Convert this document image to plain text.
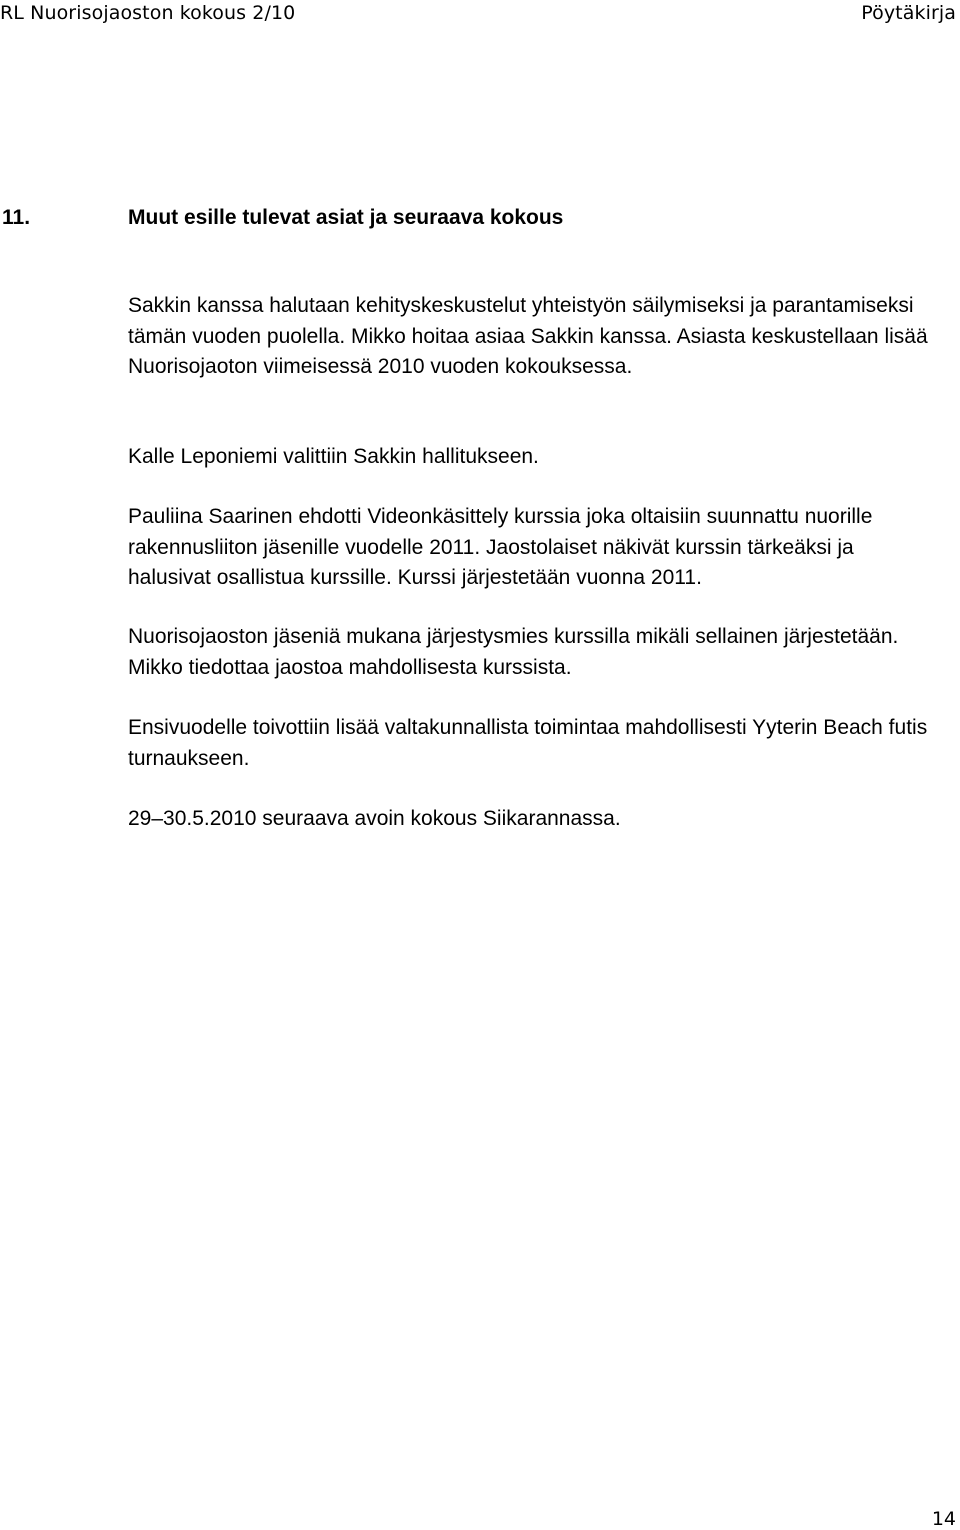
RL Nuorisojaoston kokous 2/10	Pöytäkirja
11.	Muut esille tulevat asiat ja seuraava kokous

Sakkin kanssa halutaan kehityskeskustelut yhteistyön säilymiseksi ja parantamiseksi tämän vuoden puolella. Mikko hoitaa asiaa Sakkin kanssa. Asiasta keskustellaan lisää Nuorisojaoton viimeisessä 2010 vuoden kokouksessa.

Kalle Leponiemi valittiin Sakkin hallitukseen.

Pauliina Saarinen ehdotti Videonkäsittely kurssia joka oltaisiin suunnattu nuorille rakennusliiton jäsenille vuodelle 2011. Jaostolaiset näkivät kurssin tärkeäksi ja halusivat osallistua kurssille. Kurssi järjestetään vuonna 2011.

Nuorisojaoston jäseniä mukana järjestysmies kurssilla mikäli sellainen järjestetään. Mikko tiedottaa jaostoa mahdollisesta kurssista.

Ensivuodelle toivottiin lisää valtakunnallista toimintaa mahdollisesti Yyterin Beach futis turnaukseen.

29–30.5.2010 seuraava avoin kokous Siikarannassa.

14
